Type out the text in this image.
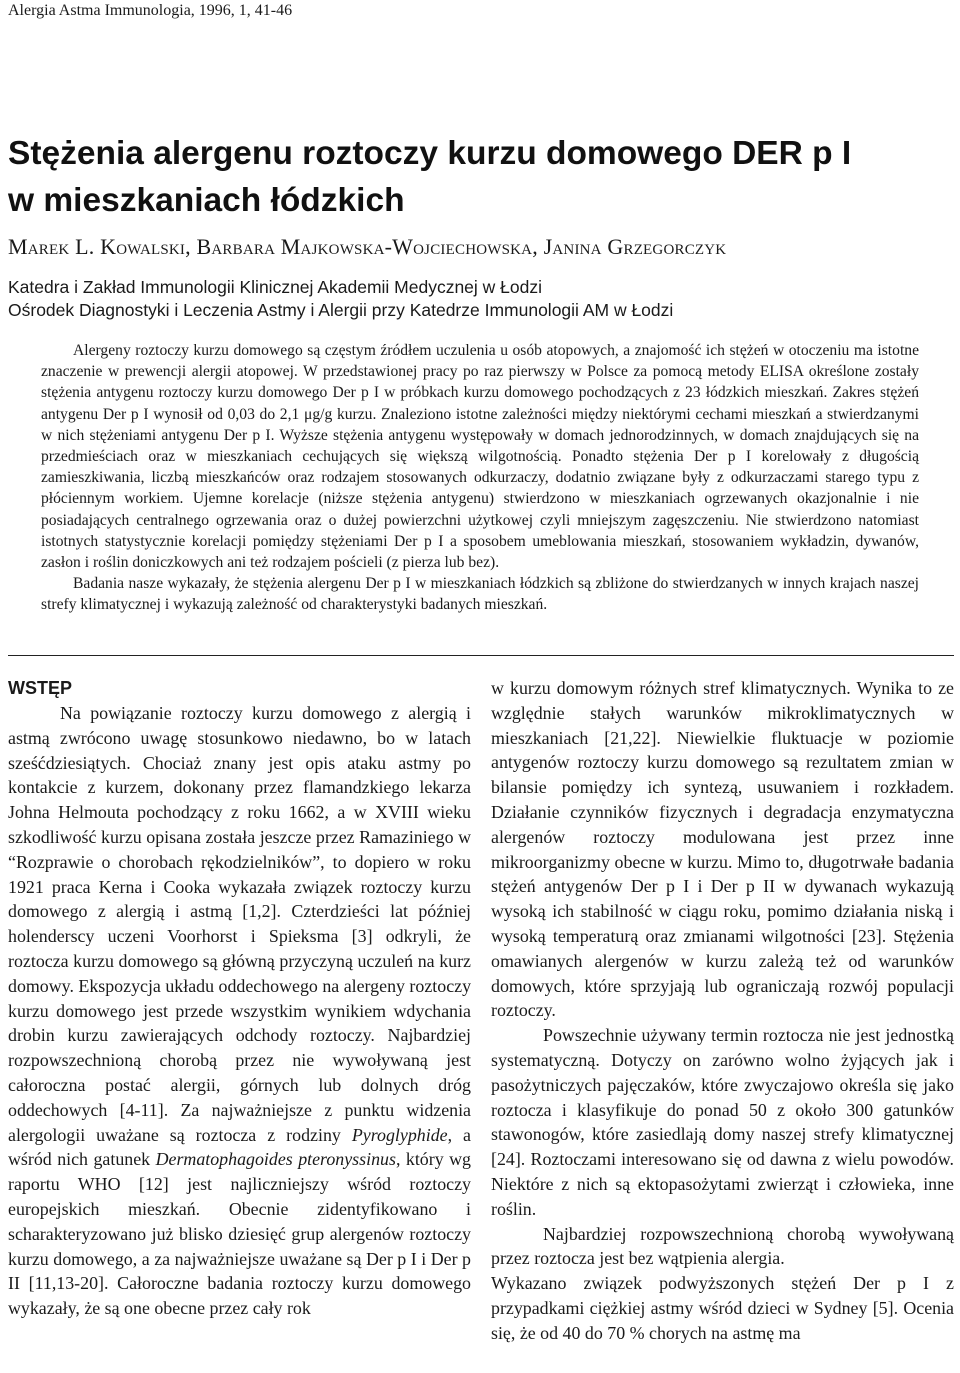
Alergia Astma Immunologia, 1996, 1, 41-46
Stężenia alergenu roztoczy kurzu domowego DER p I
w mieszkaniach łódzkich
Marek L. Kowalski, Barbara Majkowska-Wojciechowska, Janina Grzegorczyk
Katedra i Zakład Immunologii Klinicznej Akademii Medycznej w Łodzi
Ośrodek Diagnostyki i Leczenia Astmy i Alergii przy Katedrze Immunologii AM w Łodzi

Alergeny roztoczy kurzu domowego są częstym źródłem uczulenia u osób atopowych, a znajomość ich stężeń w otoczeniu ma istotne znaczenie w prewencji alergii atopowej. W przedstawionej pracy po raz pierwszy w Polsce za pomocą metody ELISA określone zostały stężenia antygenu roztoczy kurzu domowego Der p I w próbkach kurzu domowego pochodzących z 23 łódzkich mieszkań. Zakres stężeń antygenu Der p I wynosił od 0,03 do 2,1 μg/g kurzu. Znaleziono istotne zależności między niektórymi cechami mieszkań a stwierdzanymi w nich stężeniami antygenu Der p I. Wyższe stężenia antygenu występowały w domach jednorodzinnych, w domach znajdujących się na przedmieściach oraz w mieszkaniach cechujących się większą wilgotnością. Ponadto stężenia Der p I korelowały z długością zamieszkiwania, liczbą mieszkańców oraz rodzajem stosowanych odkurzaczy, dodatnio związane były z odkurzaczami starego typu z płóciennym workiem. Ujemne korelacje (niższe stężenia antygenu) stwierdzono w mieszkaniach ogrzewanych okazjonalnie i nie posiadających centralnego ogrzewania oraz o dużej powierzchni użytkowej czyli mniejszym zagęszczeniu. Nie stwierdzono natomiast istotnych statystycznie korelacji pomiędzy stężeniami Der p I a sposobem umeblowania mieszkań, stosowaniem wykładzin, dywanów, zasłon i roślin doniczkowych ani też rodzajem pościeli (z pierza lub bez).

Badania nasze wykazały, że stężenia alergenu Der p I w mieszkaniach łódzkich są zbliżone do stwierdzanych w innych krajach naszej strefy klimatycznej i wykazują zależność od charakterystyki badanych mieszkań.

WSTĘP

Na powiązanie roztoczy kurzu domowego z alergią i astmą zwrócono uwagę stosunkowo niedawno, bo w latach sześćdziesiątych. Chociaż znany jest opis ataku astmy po kontakcie z kurzem, dokonany przez flamandzkiego lekarza Johna Helmouta pochodzący z roku 1662, a w XVIII wieku szkodliwość kurzu opisana została jeszcze przez Ramaziniego w “Rozprawie o chorobach rękodzielników”, to dopiero w roku 1921 praca Kerna i Cooka wykazała związek roztoczy kurzu domowego z alergią i astmą [1,2]. Czterdzieści lat później holenderscy uczeni Voorhorst i Spieksma [3] odkryli, że roztocza kurzu domowego są główną przyczyną uczuleń na kurz domowy. Ekspozycja układu oddechowego na alergeny roztoczy kurzu domowego jest przede wszystkim wynikiem wdychania drobin kurzu zawierających odchody roztoczy. Najbardziej rozpowszechnioną chorobą przez nie wywoływaną jest całoroczna postać alergii, górnych lub dolnych dróg oddechowych [4-11]. Za najważniejsze z punktu widzenia alergologii uważane są roztocza z rodziny Pyroglyphide, a wśród nich gatunek Dermatophagoides pteronyssinus, który wg raportu WHO [12] jest najliczniejszy wśród roztoczy europejskich mieszkań. Obecnie zidentyfikowano i scharakteryzowano już blisko dziesięć grup alergenów roztoczy kurzu domowego, a za najważniejsze uważane są Der p I i Der p II [11,13-20]. Całoroczne badania roztoczy kurzu domowego wykazały, że są one obecne przez cały rok

w kurzu domowym różnych stref klimatycznych. Wynika to ze względnie stałych warunków mikroklimatycznych w mieszkaniach [21,22]. Niewielkie fluktuacje w poziomie antygenów roztoczy kurzu domowego są rezultatem zmian w bilansie pomiędzy ich syntezą, usuwaniem i rozkładem. Działanie czynników fizycznych i degradacja enzymatyczna alergenów roztoczy modulowana jest przez inne mikroorganizmy obecne w kurzu. Mimo to, długotrwałe badania stężeń antygenów Der p I i Der p II w dywanach wykazują wysoką ich stabilność w ciągu roku, pomimo działania niską i wysoką temperaturą oraz zmianami wilgotności [23]. Stężenia omawianych alergenów w kurzu zależą też od warunków domowych, które sprzyjają lub ograniczają rozwój populacji roztoczy.

Powszechnie używany termin roztocza nie jest jednostką systematyczną. Dotyczy on zarówno wolno żyjących jak i pasożytniczych pajęczaków, które zwyczajowo określa się jako roztocza i klasyfikuje do ponad 50 z około 300 gatunków stawonogów, które zasiedlają domy naszej strefy klimatycznej [24]. Roztoczami interesowano się od dawna z wielu powodów. Niektóre z nich są ektopasożytami zwierząt i człowieka, inne roślin.

Najbardziej rozpowszechnioną chorobą wywoływaną przez roztocza jest bez wątpienia alergia.

Wykazano związek podwyższonych stężeń Der p I z przypadkami ciężkiej astmy wśród dzieci w Sydney [5]. Ocenia się, że od 40 do 70 % chorych na astmę ma
